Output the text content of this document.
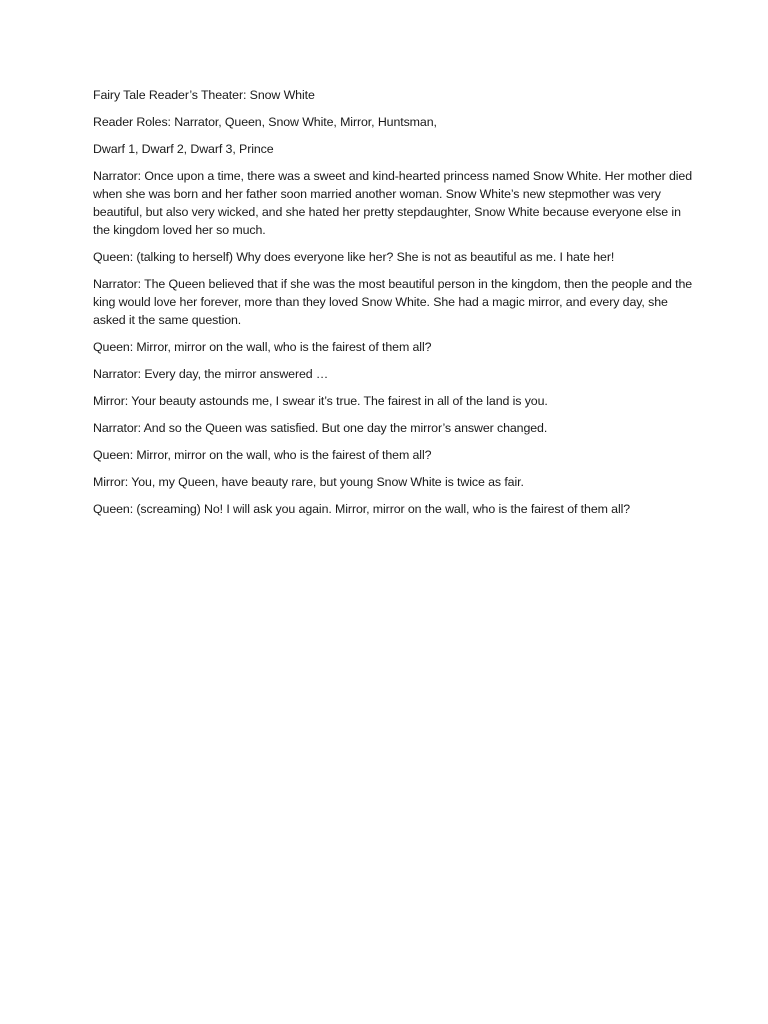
Fairy Tale Reader’s Theater: Snow White

Reader Roles: Narrator, Queen, Snow White, Mirror, Huntsman,

Dwarf 1, Dwarf 2, Dwarf 3, Prince

Narrator: Once upon a time, there was a sweet and kind-hearted princess named Snow White. Her mother died when she was born and her father soon married another woman. Snow White’s new stepmother was very beautiful, but also very wicked, and she hated her pretty stepdaughter, Snow White because everyone else in the kingdom loved her so much.

Queen: (talking to herself) Why does everyone like her? She is not as beautiful as me. I hate her!

Narrator: The Queen believed that if she was the most beautiful person in the kingdom, then the people and the king would love her forever, more than they loved Snow White. She had a magic mirror, and every day, she asked it the same question.

Queen: Mirror, mirror on the wall, who is the fairest of them all?

Narrator: Every day, the mirror answered …

Mirror: Your beauty astounds me, I swear it’s true. The fairest in all of the land is you.

Narrator: And so the Queen was satisfied. But one day the mirror’s answer changed.

Queen: Mirror, mirror on the wall, who is the fairest of them all?

Mirror: You, my Queen, have beauty rare, but young Snow White is twice as fair.

Queen: (screaming) No! I will ask you again. Mirror, mirror on the wall, who is the fairest of them all?
